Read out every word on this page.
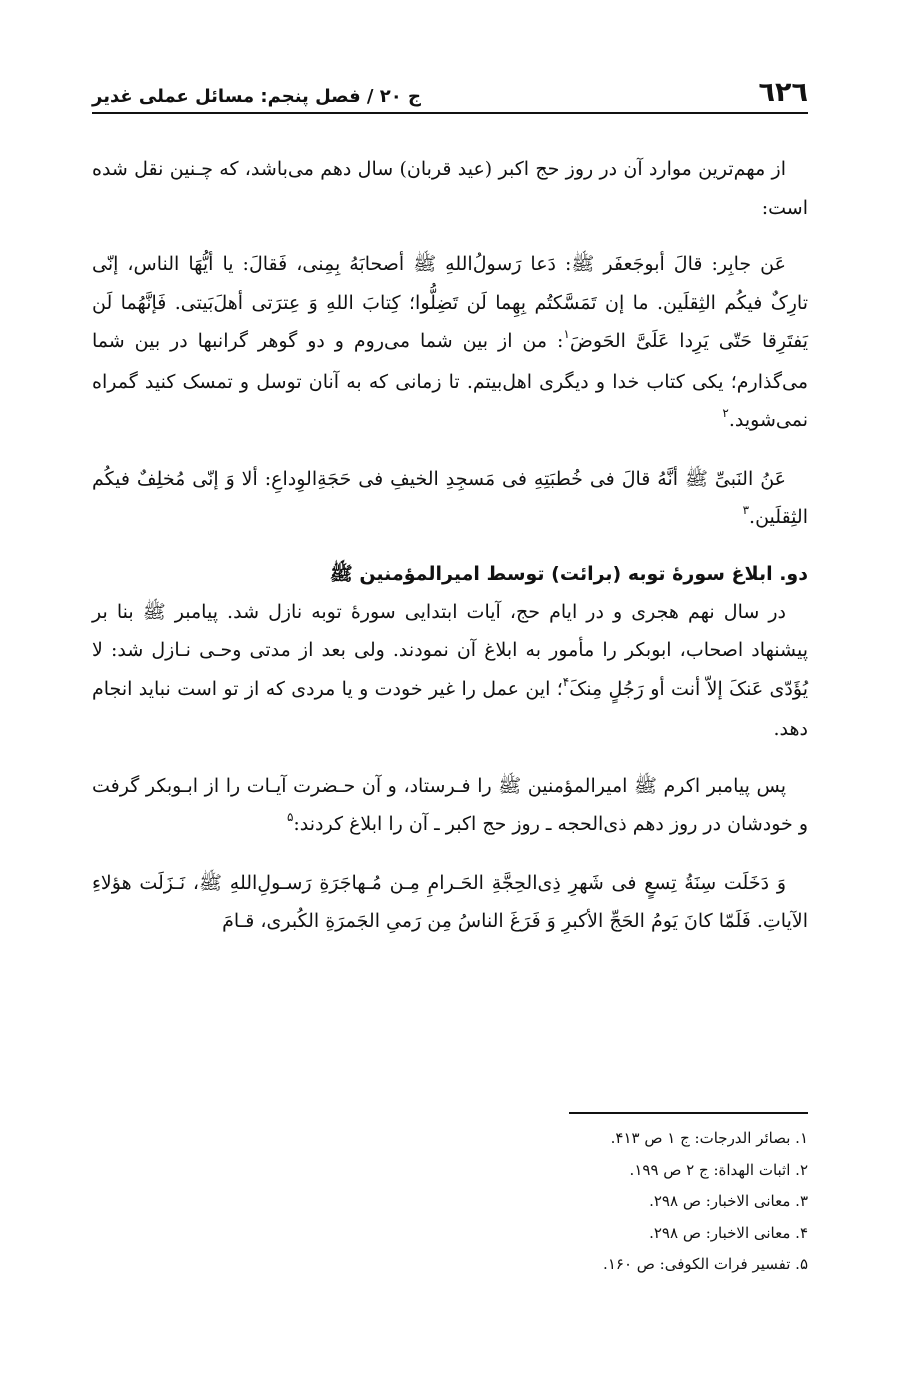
٦٢٦
ج ۲۰ / فصل پنجم: مسائل عملی غدیر

از مهم‌ترین موارد آن در روز حج اکبر (عید قربان) سال دهم می‌باشد، که چـنین نقل شده است:

عَن جابِر: قالَ أبوجَعفَر ﷺ: دَعا رَسولُ‌اللهِ ﷺ أصحابَهُ بِمِنی، فَقالَ: یا أیُّهَا الناس، إنّی تارِکٌ فیکُم الثِقلَین. ما إن تَمَسَّکتُم بِهِما لَن تَضِلُّوا؛ کِتابَ اللهِ وَ عِترَتی أهلَ‌بَیتی. فَإنَّهُما لَن یَفتَرِقا حَتّی یَرِدا عَلَیَّ الحَوضَ$^۱$: من از بین شما می‌روم و دو گوهر گرانبها در بین شما می‌گذارم؛ یکی کتاب خدا و دیگری اهل‌بیتم. تا زمانی که به آنان توسل و تمسک کنید گمراه نمی‌شوید.$^۲$

عَنُ النَبیِّ ﷺ أنَّهُ قالَ فی خُطبَتِهِ فی مَسجِدِ الخیفِ فی حَجَةِالوِداعِ: ألا وَ إنّی مُخلِفٌ فیکُم الثِقلَین.$^۳$

دو. ابلاغ سورهٔ توبه (برائت) توسط امیرالمؤمنین ﷺ

در سال نهم هجری و در ایام حج، آیات ابتدایی سورهٔ توبه نازل شد. پیامبر ﷺ بنا بر پیشنهاد اصحاب، ابوبکر را مأمور به ابلاغ آن نمودند. ولی بعد از مدتی وحـی نـازل شد: لا یُؤَدّی عَنکَ إلاّ أنت أو رَجُلٍ مِنکَ$^۴$؛ این عمل را غیر خودت و یا مردی که از تو است نباید انجام دهد.

پس پیامبر اکرم ﷺ امیرالمؤمنین ﷺ را فـرستاد، و آن حـضرت آیـات را از ابـوبکر گرفت و خودشان در روز دهم ذی‌الحجه ـ روز حج اکبر ـ آن را ابلاغ کردند:$^۵$

وَ دَخَلَت سِنَةُ تِسعٍ فی شَهرِ ذِی‌الحِجَّةِ الحَـرامِ مِـن مُـهاجَرَةِ رَسـولِ‌اللهِ ﷺ، نَـزَلَت هؤلاءِ الآیاتِ. فَلَمّا کانَ یَومُ الحَجِّ الأکبرِ وَ فَرَغَ الناسُ مِن رَمیِ الجَمرَةِ الکُبری، قـامَ

۱. بصائر الدرجات: ج ۱ ص ۴۱۳.
۲. اثبات الهداة: ج ۲ ص ۱۹۹.
۳. معانی الاخبار: ص ۲۹۸.
۴. معانی الاخبار: ص ۲۹۸.
۵. تفسیر فرات الکوفی: ص ۱۶۰.
